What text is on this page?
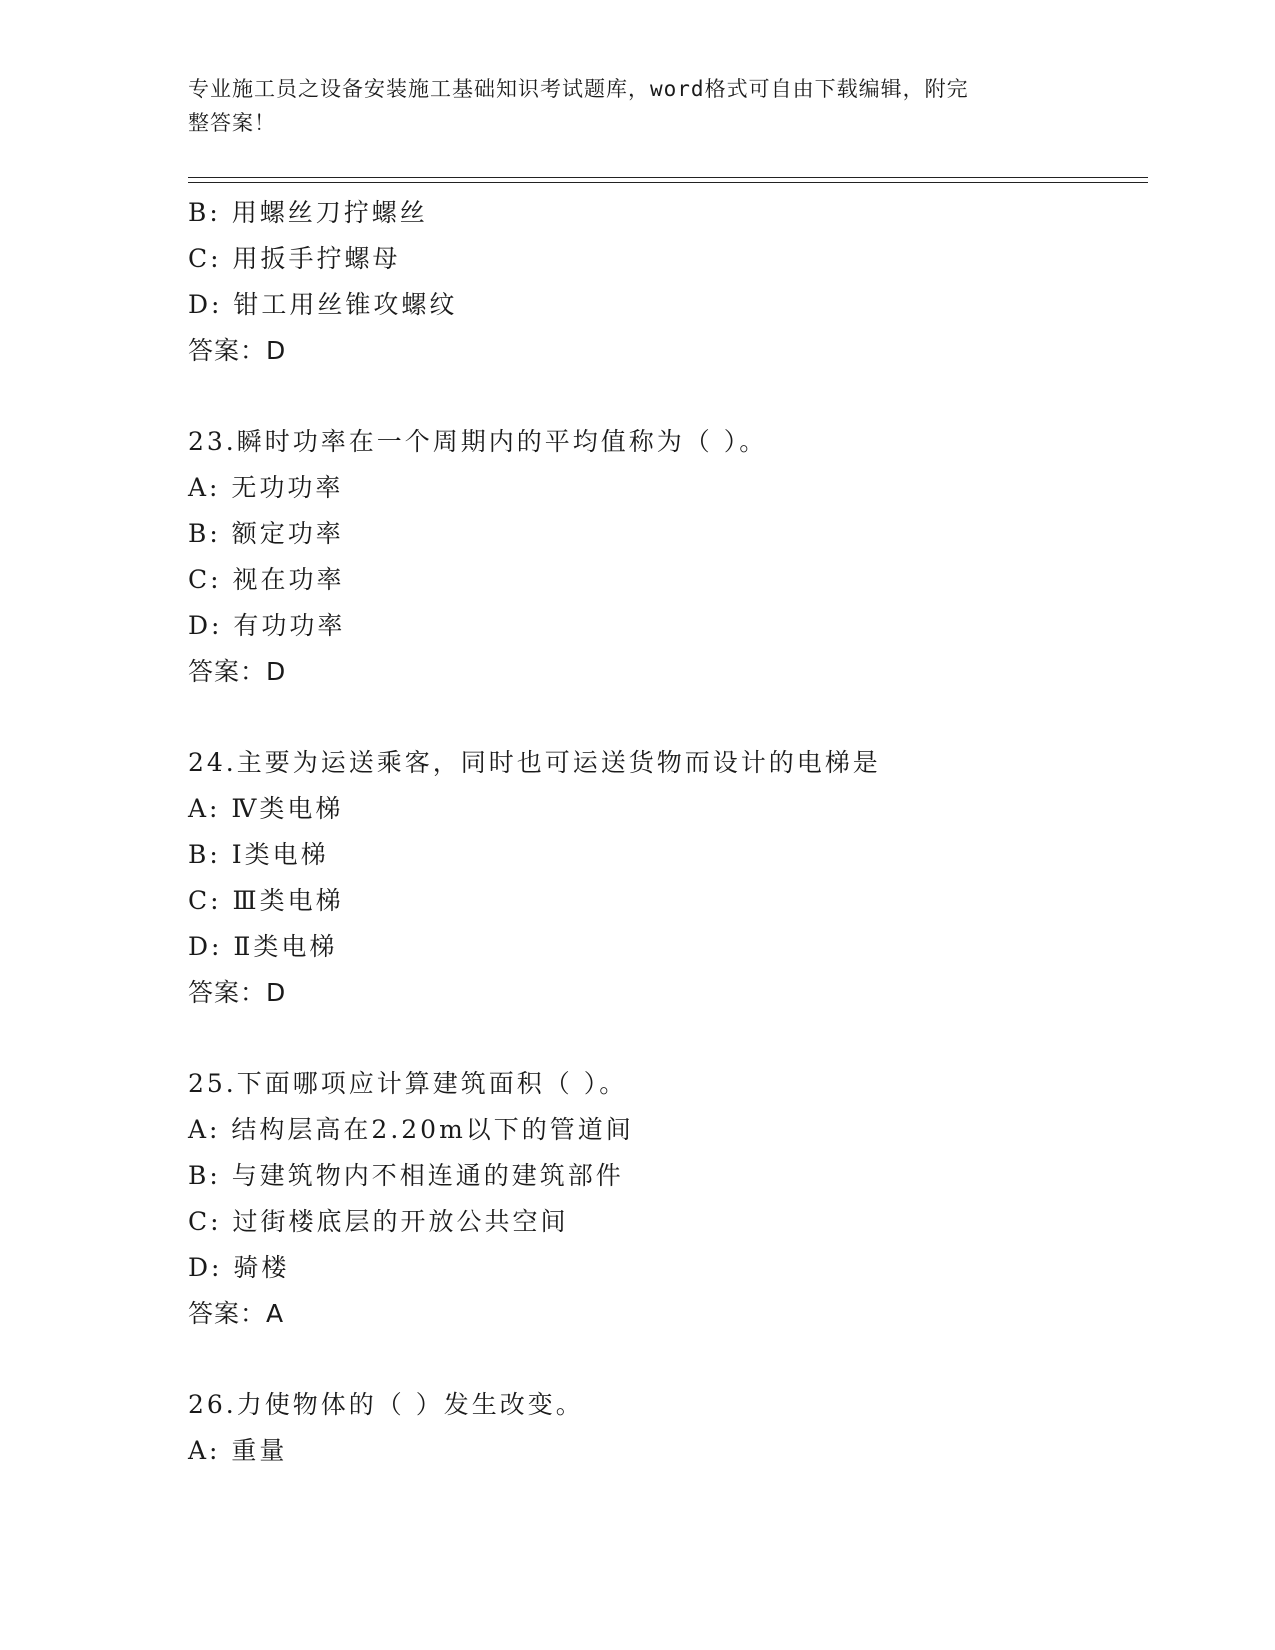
专业施工员之设备安装施工基础知识考试题库，word格式可自由下载编辑，附完
整答案！
B: 用螺丝刀拧螺丝
C: 用扳手拧螺母
D: 钳工用丝锥攻螺纹
答案：D
23.瞬时功率在一个周期内的平均值称为（ ）。
A: 无功功率
B: 额定功率
C: 视在功率
D: 有功功率
答案：D
24.主要为运送乘客，同时也可运送货物而设计的电梯是
A: Ⅳ类电梯
B: Ⅰ类电梯
C: Ⅲ类电梯
D: Ⅱ类电梯
答案：D
25.下面哪项应计算建筑面积（ ）。
A: 结构层高在2.20m以下的管道间
B: 与建筑物内不相连通的建筑部件
C: 过街楼底层的开放公共空间
D: 骑楼
答案：A
26.力使物体的（ ）发生改变。
A: 重量
